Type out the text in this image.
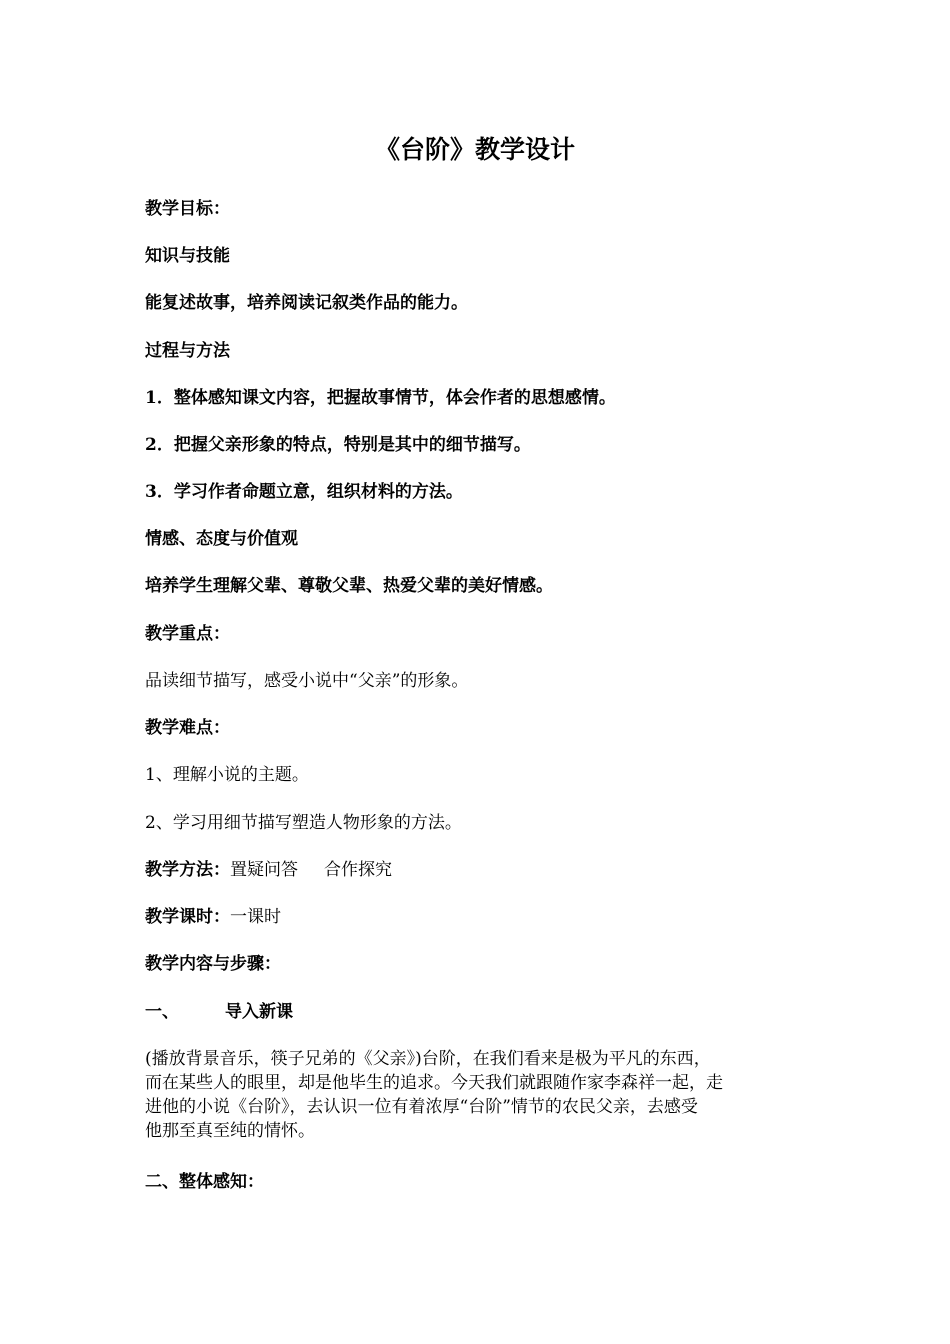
《台阶》教学设计
教学目标：
知识与技能
能复述故事，培养阅读记叙类作品的能力。
过程与方法
1．整体感知课文内容，把握故事情节，体会作者的思想感情。
2．把握父亲形象的特点，特别是其中的细节描写。
3．学习作者命题立意，组织材料的方法。
情感、态度与价值观
培养学生理解父辈、尊敬父辈、热爱父辈的美好情感。
教学重点：
品读细节描写，感受小说中“父亲”的形象。
教学难点：
1、理解小说的主题。
2、学习用细节描写塑造人物形象的方法。
教学方法：置疑问答 合作探究
教学课时：一课时
教学内容与步骤：
一、	导入新课
(播放背景音乐，筷子兄弟的《父亲》)台阶，在我们看来是极为平凡的东西，
而在某些人的眼里，却是他毕生的追求。今天我们就跟随作家李森祥一起，走
进他的小说《台阶》，去认识一位有着浓厚“台阶”情节的农民父亲，去感受
他那至真至纯的情怀。
二、整体感知：
